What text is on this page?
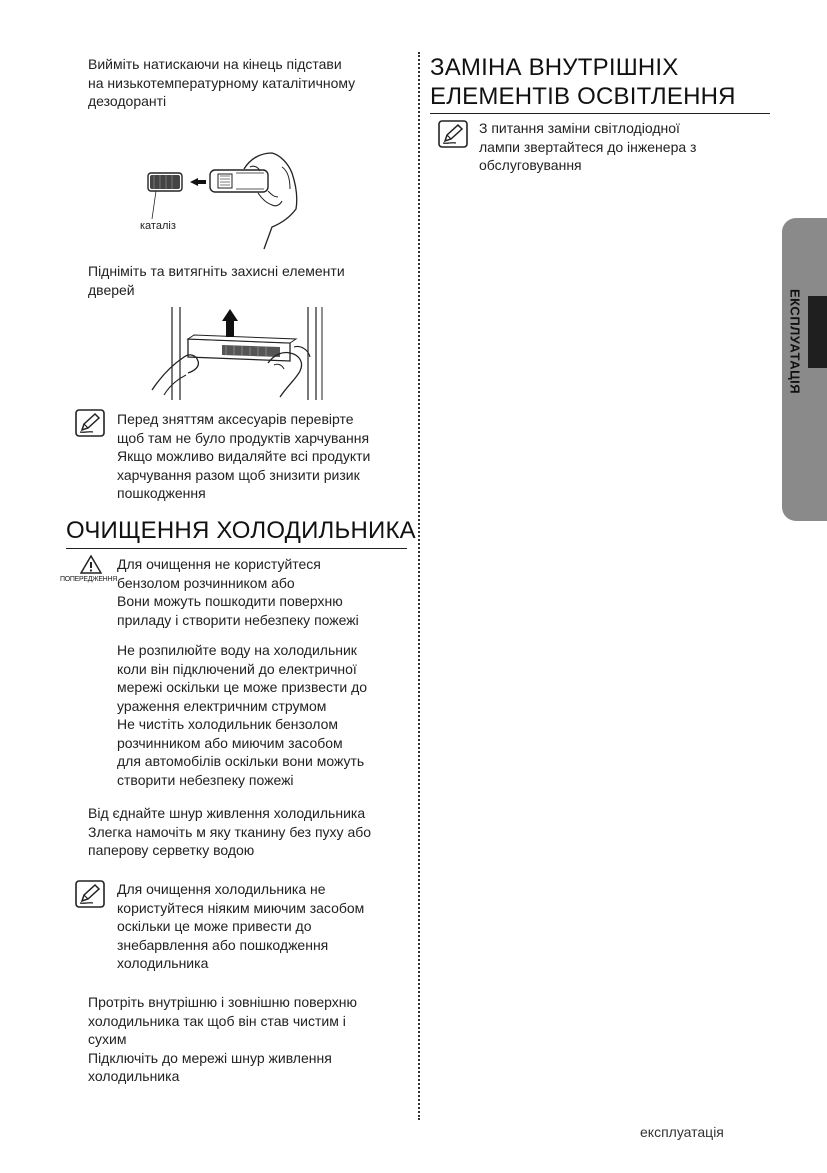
Вийміть натискаючи на кінець підстави

на низькотемпературному каталітичному

дезодоранті

каталіз

Підніміть та витягніть захисні елементи

дверей

Перед зняттям аксесуарів перевірте

щоб там не було продуктів харчування

Якщо можливо видаляйте всі продукти

харчування разом щоб знизити ризик

пошкодження

ОЧИЩЕННЯ ХОЛОДИЛЬНИКА
ПОПЕРЕДЖЕННЯ
Для очищення не користуйтеся
бензолом розчинником або

Вони можуть пошкодити поверхню

приладу і створити небезпеку пожежі

Не розпилюйте воду на холодильник

коли він підключений до електричної

мережі оскільки це може призвести до

ураження електричним струмом

Не чистіть холодильник бензолом

розчинником або миючим засобом

для автомобілів оскільки вони можуть

створити небезпеку пожежі

Від єднайте шнур живлення холодильника

Злегка намочіть м яку тканину без пуху або

паперову серветку водою

Для очищення холодильника не

користуйтеся ніяким миючим засобом

оскільки це може привести до

знебарвлення або пошкодження

холодильника

Протріть внутрішню і зовнішню поверхню

холодильника так щоб він став чистим і

сухим

Підключіть до мережі шнур живлення

холодильника

ЗАМІНА ВНУТРІШНІХ
ЕЛЕМЕНТІВ ОСВІТЛЕННЯ

З питання заміни світлодіодної

лампи звертайтеся до інженера з

обслуговування

ЕКСПЛУАТАЦІЯ
експлуатація
